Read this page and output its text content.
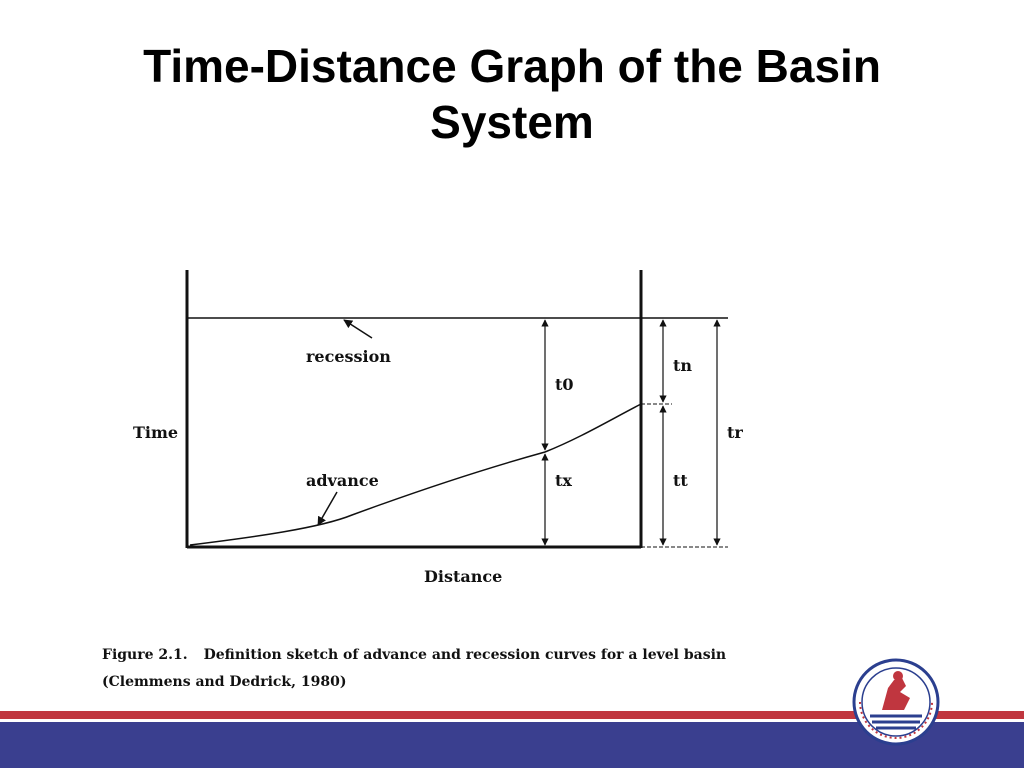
Time-Distance Graph of the Basin System
recession
advance
Time
Distance
t0
tx
tn
tt
tr
Figure 2.1. Definition sketch of advance and recession curves for a level basin
(Clemmens and Dedrick, 1980)
